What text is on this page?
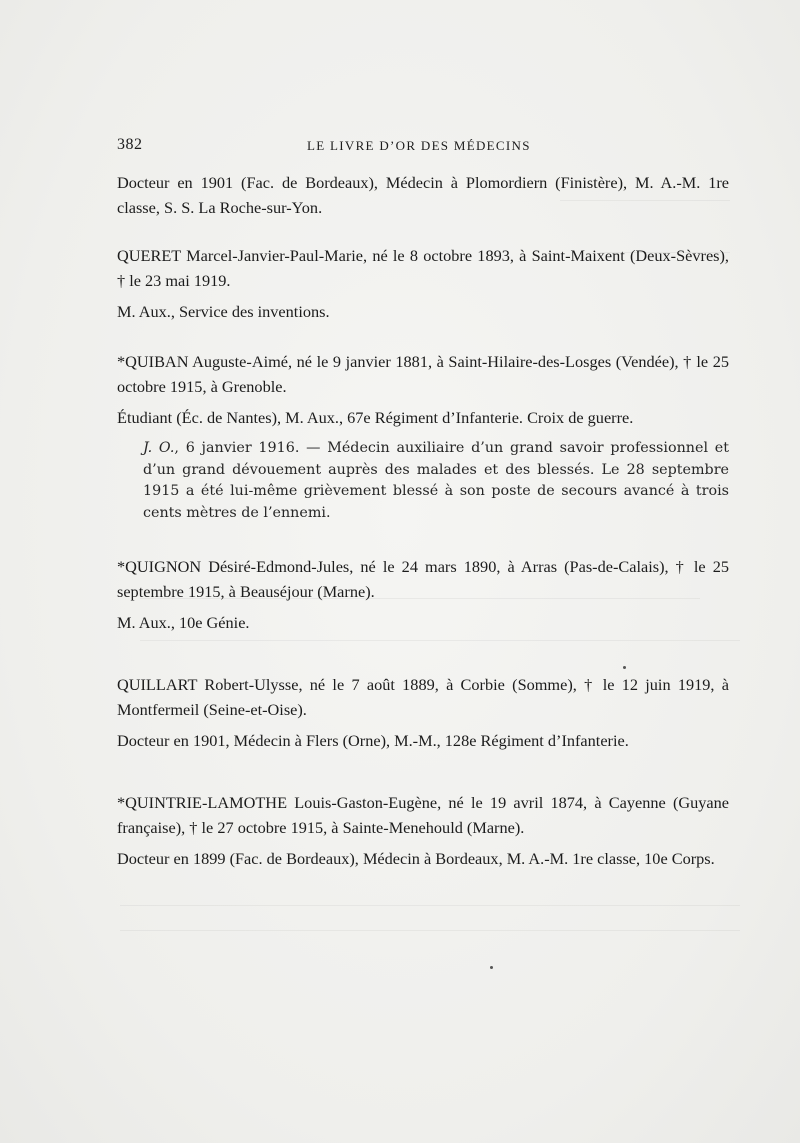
382	LE LIVRE D’OR DES MÉDECINS

Docteur en 1901 (Fac. de Bordeaux), Médecin à Plomordiern (Finistère), M. A.-M. 1re classe, S. S. La Roche-sur-Yon.

QUERET Marcel-Janvier-Paul-Marie, né le 8 octobre 1893, à Saint-Maixent (Deux-Sèvres), † le 23 mai 1919.

M. Aux., Service des inventions.

*QUIBAN Auguste-Aimé, né le 9 janvier 1881, à Saint-Hilaire-des-Losges (Vendée), † le 25 octobre 1915, à Grenoble.

Étudiant (Éc. de Nantes), M. Aux., 67e Régiment d’Infanterie. Croix de guerre.

J. O., 6 janvier 1916. — Médecin auxiliaire d’un grand savoir professionnel et d’un grand dévouement auprès des malades et des blessés. Le 28 septembre 1915 a été lui-même grièvement blessé à son poste de secours avancé à trois cents mètres de l’ennemi.

*QUIGNON Désiré-Edmond-Jules, né le 24 mars 1890, à Arras (Pas-de-Calais), † le 25 septembre 1915, à Beauséjour (Marne).

M. Aux., 10e Génie.

QUILLART Robert-Ulysse, né le 7 août 1889, à Corbie (Somme), † le 12 juin 1919, à Montfermeil (Seine-et-Oise).

Docteur en 1901, Médecin à Flers (Orne), M.-M., 128e Régiment d’Infanterie.

*QUINTRIE-LAMOTHE Louis-Gaston-Eugène, né le 19 avril 1874, à Cayenne (Guyane française), † le 27 octobre 1915, à Sainte-Menehould (Marne).

Docteur en 1899 (Fac. de Bordeaux), Médecin à Bordeaux, M. A.-M. 1re classe, 10e Corps.
